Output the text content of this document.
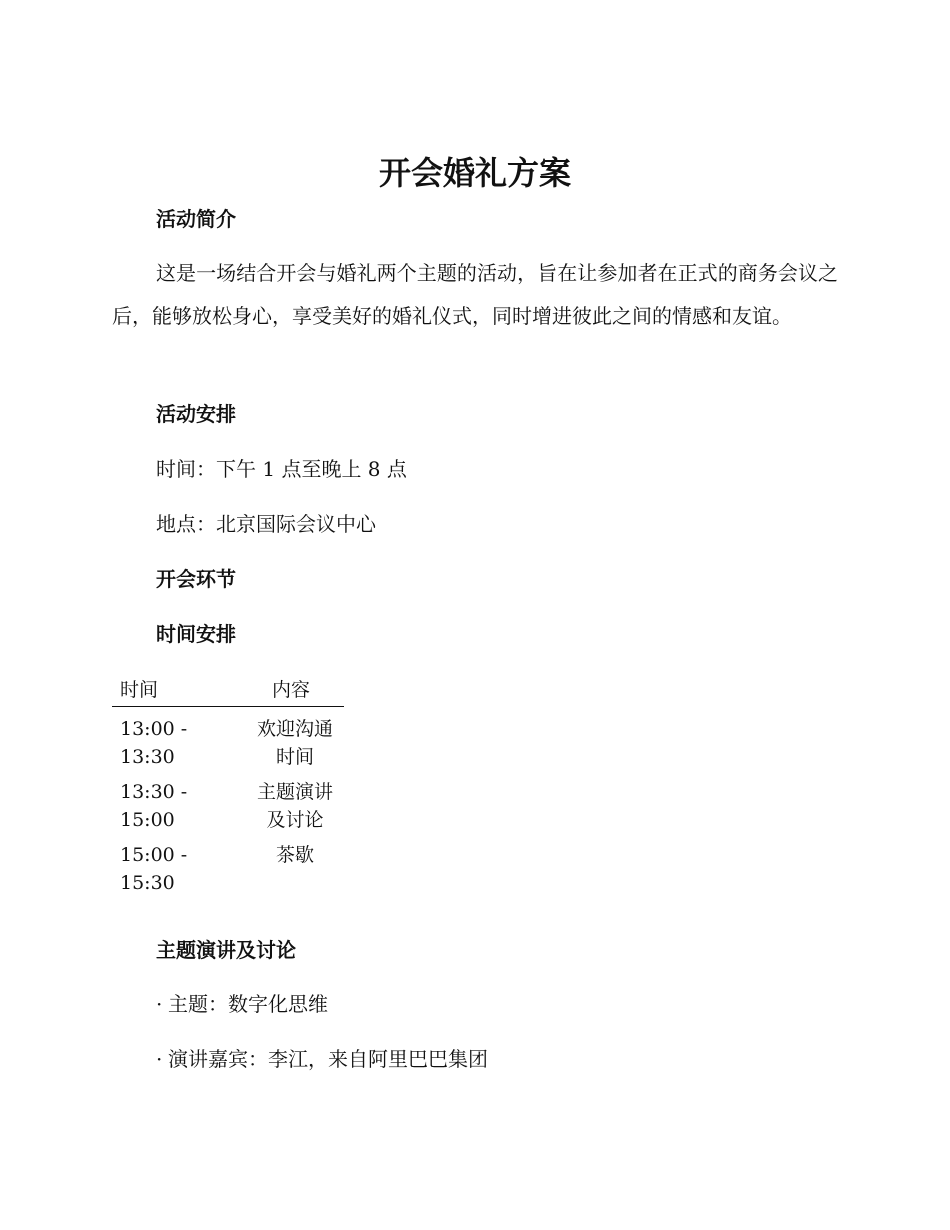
开会婚礼方案
活动简介

这是一场结合开会与婚礼两个主题的活动，旨在让参加者在正式的商务会议之后，能够放松身心，享受美好的婚礼仪式，同时增进彼此之间的情感和友谊。

活动安排

时间：下午 1 点至晚上 8 点

地点：北京国际会议中心

开会环节
时间安排
时间	内容
13:00 - 13:30	欢迎沟通时间
13:30 - 15:00	主题演讲及讨论
15:00 - 15:30	茶歇
主题演讲及讨论

· 主题：数字化思维

· 演讲嘉宾：李江，来自阿里巴巴集团
